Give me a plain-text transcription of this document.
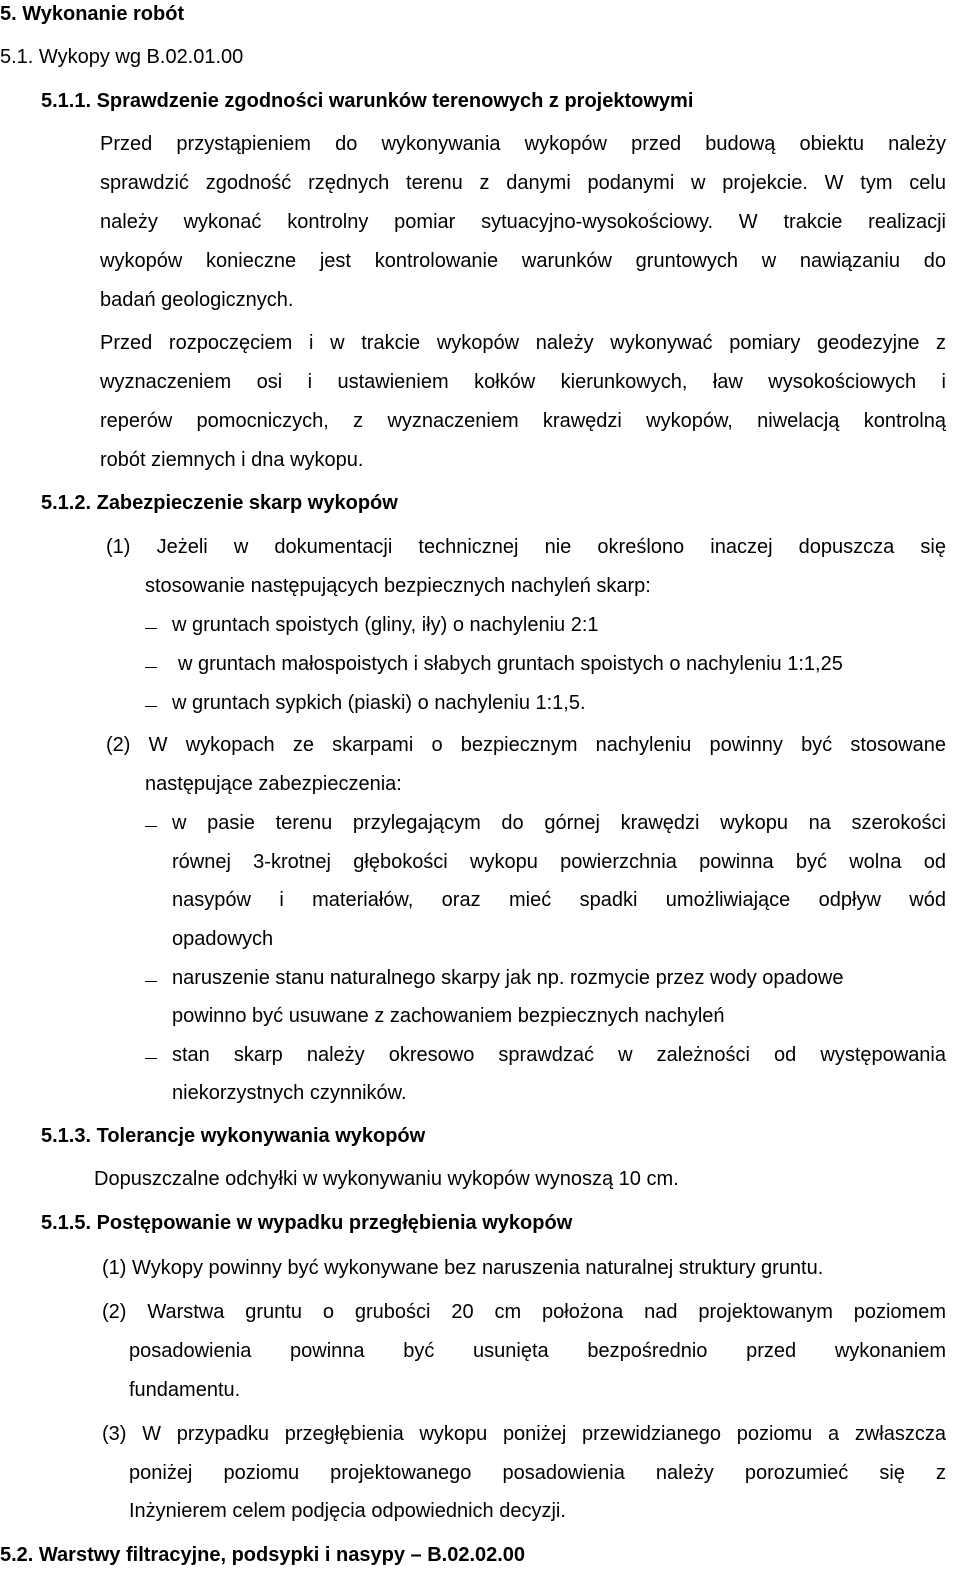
5. Wykonanie robót
5.1. Wykopy wg B.02.01.00
5.1.1. Sprawdzenie zgodności warunków terenowych z projektowymi
Przed przystąpieniem do wykonywania wykopów przed budową obiektu należy
sprawdzić zgodność rzędnych terenu z danymi podanymi w projekcie. W tym celu
należy wykonać kontrolny pomiar sytuacyjno-wysokościowy. W trakcie realizacji
wykopów konieczne jest kontrolowanie warunków gruntowych w nawiązaniu do
badań geologicznych.
Przed rozpoczęciem i w trakcie wykopów należy wykonywać pomiary geodezyjne z
wyznaczeniem osi i ustawieniem kołków kierunkowych, ław wysokościowych i
reperów pomocniczych, z wyznaczeniem krawędzi wykopów, niwelacją kontrolną
robót ziemnych i dna wykopu.
5.1.2. Zabezpieczenie skarp wykopów
(1) Jeżeli w dokumentacji technicznej nie określono inaczej dopuszcza się
stosowanie następujących bezpiecznych nachyleń skarp:
w gruntach spoistych (gliny, iły) o nachyleniu 2:1
w gruntach małospoistych i słabych gruntach spoistych o nachyleniu 1:1,25
w gruntach sypkich (piaski) o nachyleniu 1:1,5.
(2) W wykopach ze skarpami o bezpiecznym nachyleniu powinny być stosowane
następujące zabezpieczenia:
w pasie terenu przylegającym do górnej krawędzi wykopu na szerokości
równej 3-krotnej głębokości wykopu powierzchnia powinna być wolna od
nasypów i materiałów, oraz mieć spadki umożliwiające odpływ wód
opadowych
naruszenie stanu naturalnego skarpy jak np. rozmycie przez wody opadowe
powinno być usuwane z zachowaniem bezpiecznych nachyleń
stan skarp należy okresowo sprawdzać w zależności od występowania
niekorzystnych czynników.
5.1.3. Tolerancje wykonywania wykopów
Dopuszczalne odchyłki w wykonywaniu wykopów wynoszą 10 cm.
5.1.5. Postępowanie w wypadku przegłębienia wykopów
(1) Wykopy powinny być wykonywane bez naruszenia naturalnej struktury gruntu.
(2) Warstwa gruntu o grubości 20 cm położona nad projektowanym poziomem
posadowienia powinna być usunięta bezpośrednio przed wykonaniem
fundamentu.
(3) W przypadku przegłębienia wykopu poniżej przewidzianego poziomu a zwłaszcza
poniżej poziomu projektowanego posadowienia należy porozumieć się z
Inżynierem celem podjęcia odpowiednich decyzji.
5.2. Warstwy filtracyjne, podsypki i nasypy – B.02.02.00
